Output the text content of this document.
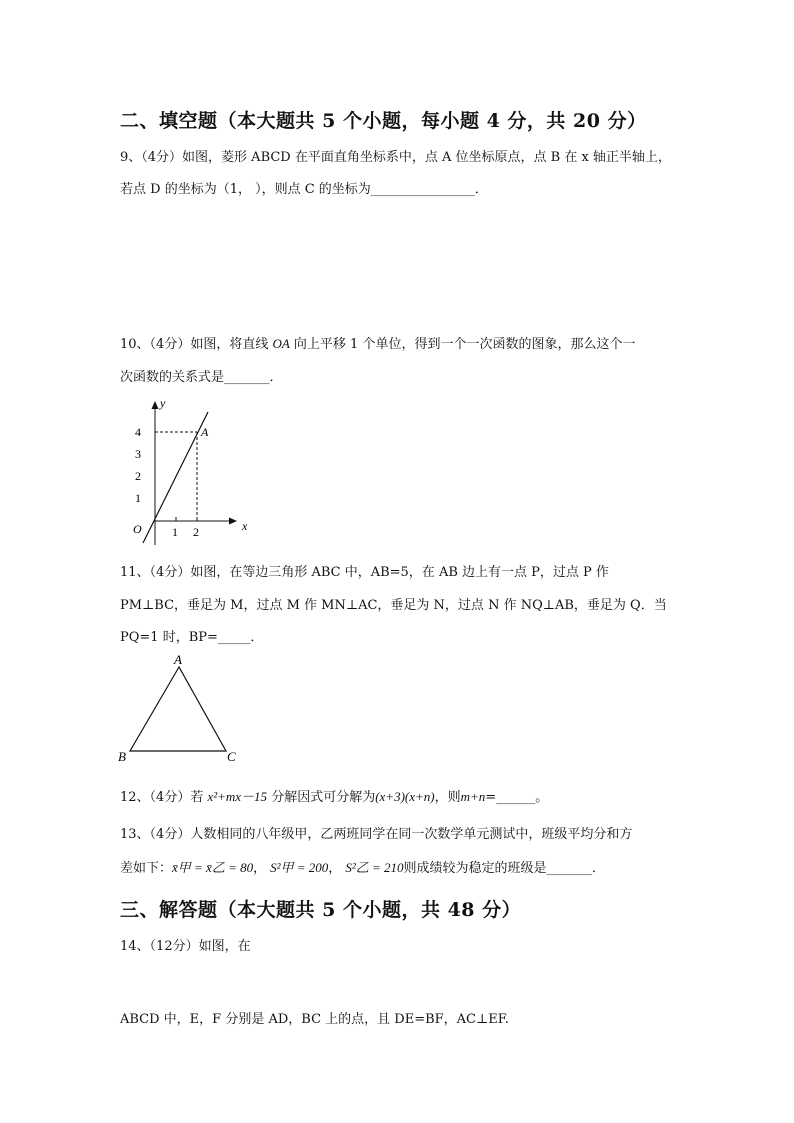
二、填空题（本大题共 5 个小题，每小题 4 分，共 20 分）
9、（4分）如图，菱形 ABCD 在平面直角坐标系中，点 A 位坐标原点，点 B 在 x 轴正半轴上，
若点 D 的坐标为（1， ），则点 C 的坐标为________________．
10、（4分）如图，将直线 OA 向上平移 1 个单位，得到一个一次函数的图象，那么这个一
次函数的关系式是_______．
y
x
O
A
4
3
2
1
1 2
11、（4分）如图，在等边三角形 ABC 中，AB=5，在 AB 边上有一点 P，过点 P 作
PM⊥BC，垂足为 M，过点 M 作 MN⊥AC，垂足为 N，过点 N 作 NQ⊥AB，垂足为 Q．当
PQ=1 时，BP=_____．
A
B	C
12、（4分）若 x²+mx－15 分解因式可分解为(x+3)(x+n)，则m+n=______。
13、（4分）人数相同的八年级甲，乙两班同学在同一次数学单元测试中，班级平均分和方
差如下：x̄甲 = x̄乙 = 80， S²甲 = 200， S²乙 = 210则成绩较为稳定的班级是_______．
三、解答题（本大题共 5 个小题，共 48 分）
14、（12分）如图，在
ABCD 中，E，F 分别是 AD，BC 上的点，且 DE=BF，AC⊥EF.
